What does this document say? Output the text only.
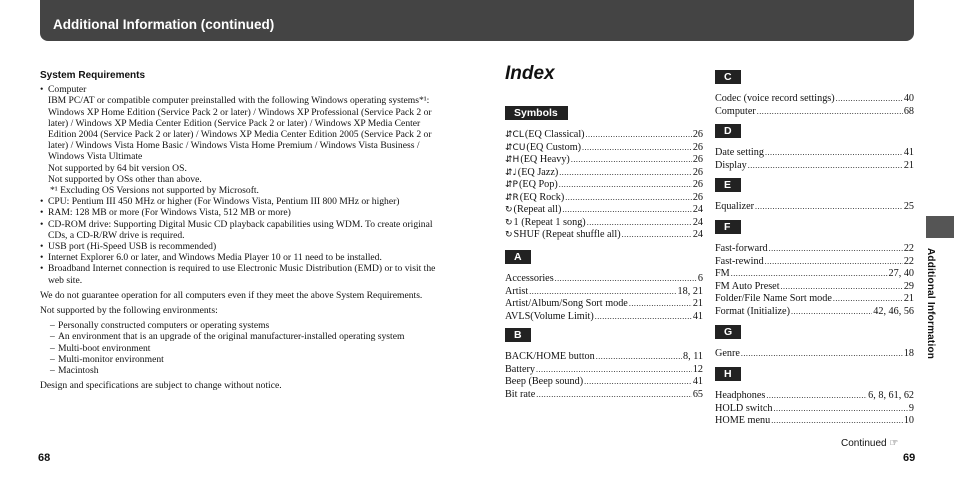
Additional Information (continued)
System Requirements
• Computer
IBM PC/AT or compatible computer preinstalled with the following Windows operating systems*¹:
Windows XP Home Edition (Service Pack 2 or later) / Windows XP Professional (Service Pack 2 or
later) / Windows XP Media Center Edition (Service Pack 2 or later) / Windows XP Media Center
Edition 2004 (Service Pack 2 or later) / Windows XP Media Center Edition 2005 (Service Pack 2 or
later) / Windows Vista Home Basic / Windows Vista Home Premium / Windows Vista Business /
Windows Vista Ultimate
Not supported by 64 bit version OS.
Not supported by OSs other than above.
*¹ Excluding OS Versions not supported by Microsoft.
• CPU: Pentium III 450 MHz or higher (For Windows Vista, Pentium III 800 MHz or higher)
• RAM: 128 MB or more (For Windows Vista, 512 MB or more)
• CD-ROM drive: Supporting Digital Music CD playback capabilities using WDM. To create original
CDs, a CD-R/RW drive is required.
• USB port (Hi-Speed USB is recommended)
• Internet Explorer 6.0 or later, and Windows Media Player 10 or 11 need to be installed.
• Broadband Internet connection is required to use Electronic Music Distribution (EMD) or to visit the
web site.

We do not guarantee operation for all computers even if they meet the above System Requirements.

Not supported by the following environments:

– Personally constructed computers or operating systems
– An environment that is an upgrade of the original manufacturer-installed operating system
– Multi-boot environment
– Multi-monitor environment
– Macintosh

Design and specifications are subject to change without notice.

Index
Symbols
⇵CL (EQ Classical) .....	26
⇵CU (EQ Custom) .....	26
⇵H (EQ Heavy) .....	26
⇵♩ (EQ Jazz) .....	26
⇵P (EQ Pop) .....	26
⇵R (EQ Rock) .....	26
↻ (Repeat all) .....	24
↻ 1 (Repeat 1 song) .....	24
↻ SHUF (Repeat shuffle all) .....	24
A
Accessories .....	6
Artist .....	18, 21
Artist/Album/Song Sort mode .....	21
AVLS(Volume Limit) .....	41
B
BACK/HOME button .....	8, 11
Battery .....	12
Beep (Beep sound) .....	41
Bit rate .....	65
C
Codec (voice record settings) .....	40
Computer .....	68
D
Date setting .....	41
Display .....	21
E
Equalizer .....	25
F
Fast-forward .....	22
Fast-rewind .....	22
FM .....	27, 40
FM Auto Preset .....	29
Folder/File Name Sort mode .....	21
Format (Initialize) .....	42, 46, 56
G
Genre .....	18
H
Headphones .....	6, 8, 61, 62
HOLD switch .....	9
HOME menu .....	10
Additional Information
Continued ☞
68	69
